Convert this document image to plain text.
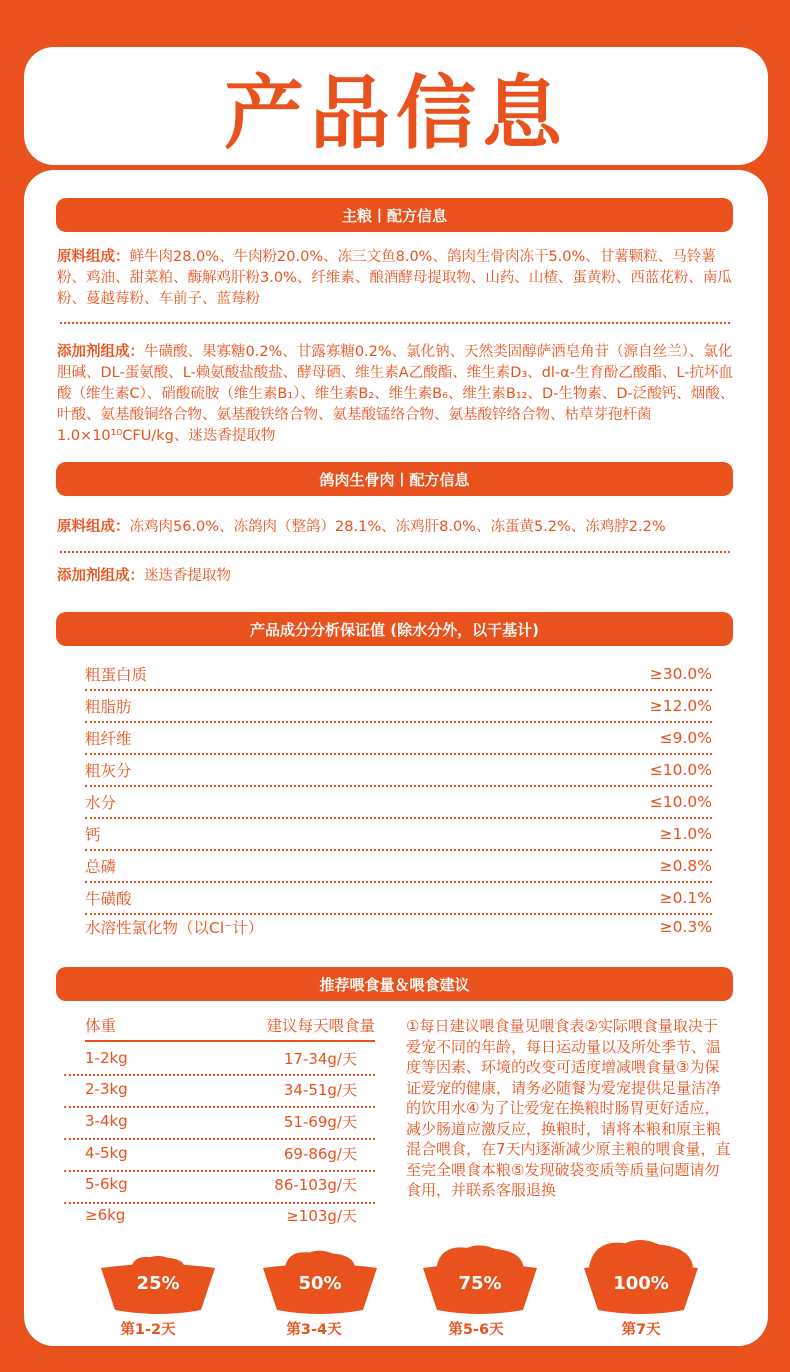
产品信息
主粮丨配方信息
原料组成：鲜牛肉28.0%、牛肉粉20.0%、冻三文鱼8.0%、鸽肉生骨肉冻干5.0%、甘薯颗粒、马铃薯粉、鸡油、甜菜粕、酶解鸡肝粉3.0%、纤维素、酿酒酵母提取物、山药、山楂、蛋黄粉、西蓝花粉、南瓜粉、蔓越莓粉、车前子、蓝莓粉
添加剂组成：牛磺酸、果寡糖0.2%、甘露寡糖0.2%、氯化钠、天然类固醇萨洒皂角苷（源自丝兰）、氯化胆碱、DL-蛋氨酸、L-赖氨酸盐酸盐、酵母硒、维生素A乙酸酯、维生素D₃、dl-α-生育酚乙酸酯、L-抗坏血酸（维生素C）、硝酸硫胺（维生素B₁）、维生素B₂、维生素B₆、维生素B₁₂、D-生物素、D-泛酸钙、烟酸、叶酸、氨基酸铜络合物、氨基酸铁络合物、氨基酸锰络合物、氨基酸锌络合物、枯草芽孢杆菌1.0×10¹⁰CFU/kg、迷迭香提取物
鸽肉生骨肉丨配方信息
原料组成：冻鸡肉56.0%、冻鸽肉（整鸽）28.1%、冻鸡肝8.0%、冻蛋黄5.2%、冻鸡脖2.2%
添加剂组成：迷迭香提取物
产品成分分析保证值 (除水分外，以干基计)
粗蛋白质	≥30.0%
粗脂肪	≥12.0%
粗纤维	≤9.0%
粗灰分	≤10.0%
水分	≤10.0%
钙	≥1.0%
总磷	≥0.8%
牛磺酸	≥0.1%
水溶性氯化物（以Cl⁻计）	≥0.3%
推荐喂食量＆喂食建议
体重	建议每天喂食量
1-2kg	17-34g/天
2-3kg	34-51g/天
3-4kg	51-69g/天
4-5kg	69-86g/天
5-6kg	86-103g/天
≥6kg	≥103g/天
①每日建议喂食量见喂食表②实际喂食量取决于爱宠不同的年龄，每日运动量以及所处季节、温度等因素、环境的改变可适度增减喂食量③为保证爱宠的健康，请务必随餐为爱宠提供足量洁净的饮用水④为了让爱宠在换粮时肠胃更好适应，减少肠道应激反应，换粮时，请将本粮和原主粮混合喂食，在7天内逐渐减少原主粮的喂食量，直至完全喂食本粮⑤发现破袋变质等质量问题请勿食用，并联系客服退换
25%
第1-2天
50%
第3-4天
75%
第5-6天
100%
第7天
